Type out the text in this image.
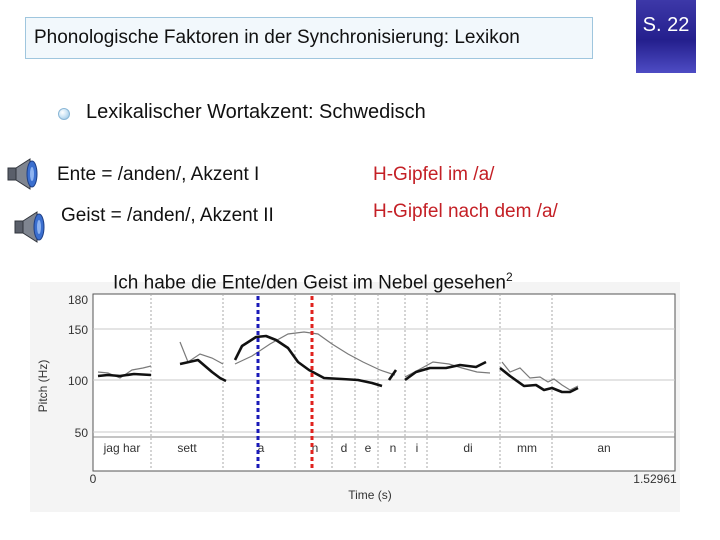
Phonologische Faktoren in der Synchronisierung: Lexikon
S. 22
Lexikalischer Wortakzent: Schwedisch
Ente = /anden/, Akzent I
Geist = /anden/, Akzent II
H-Gipfel im /a/
H-Gipfel nach dem /a/
180
150
100
50
Pitch (Hz)
jag har	sett	a	n d e n i	di	mm	an
0	1.52961
Time (s)
Ich habe die Ente/den Geist im Nebel gesehen$^2$
